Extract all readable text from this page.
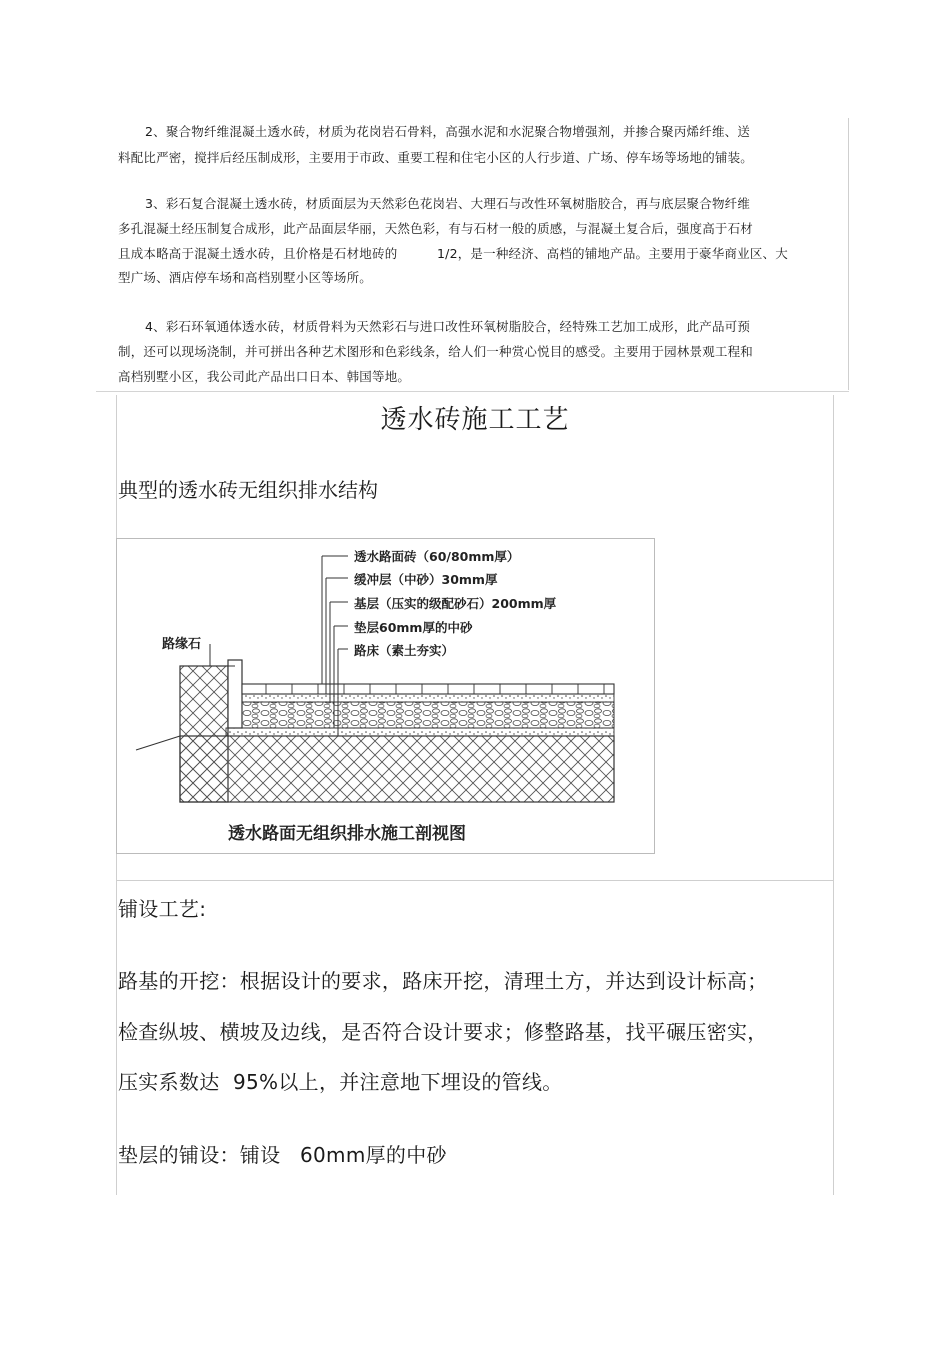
2、聚合物纤维混凝土透水砖，材质为花岗岩石骨料，高强水泥和水泥聚合物增强剂，并掺合聚丙烯纤维、送
料配比严密，搅拌后经压制成形，主要用于市政、重要工程和住宅小区的人行步道、广场、停车场等场地的铺装。
3、彩石复合混凝土透水砖，材质面层为天然彩色花岗岩、大理石与改性环氧树脂胶合，再与底层聚合物纤维
多孔混凝土经压制复合成形，此产品面层华丽，天然色彩，有与石材一般的质感，与混凝土复合后，强度高于石材
且成本略高于混凝土透水砖，且价格是石材地砖的	1/2，是一种经济、高档的铺地产品。主要用于豪华商业区、大
型广场、酒店停车场和高档别墅小区等场所。
4、彩石环氧通体透水砖，材质骨料为天然彩石与进口改性环氧树脂胶合，经特殊工艺加工成形，此产品可预
制，还可以现场浇制，并可拼出各种艺术图形和色彩线条，给人们一种赏心悦目的感受。主要用于园林景观工程和
高档别墅小区，我公司此产品出口日本、韩国等地。
透水砖施工工艺
典型的透水砖无组织排水结构
透水路面砖（60/80mm厚）
缓冲层（中砂）30mm厚
基层（压实的级配砂石）200mm厚
垫层60mm厚的中砂
路床（素土夯实）
路缘石
透水路面无组织排水施工剖视图
铺设工艺:
路基的开挖：根据设计的要求，路床开挖，清理土方，并达到设计标高；
检查纵坡、横坡及边线，是否符合设计要求；修整路基，找平碾压密实，
压实系数达 95%以上，并注意地下埋设的管线。
垫层的铺设：铺设 60mm厚的中砂
